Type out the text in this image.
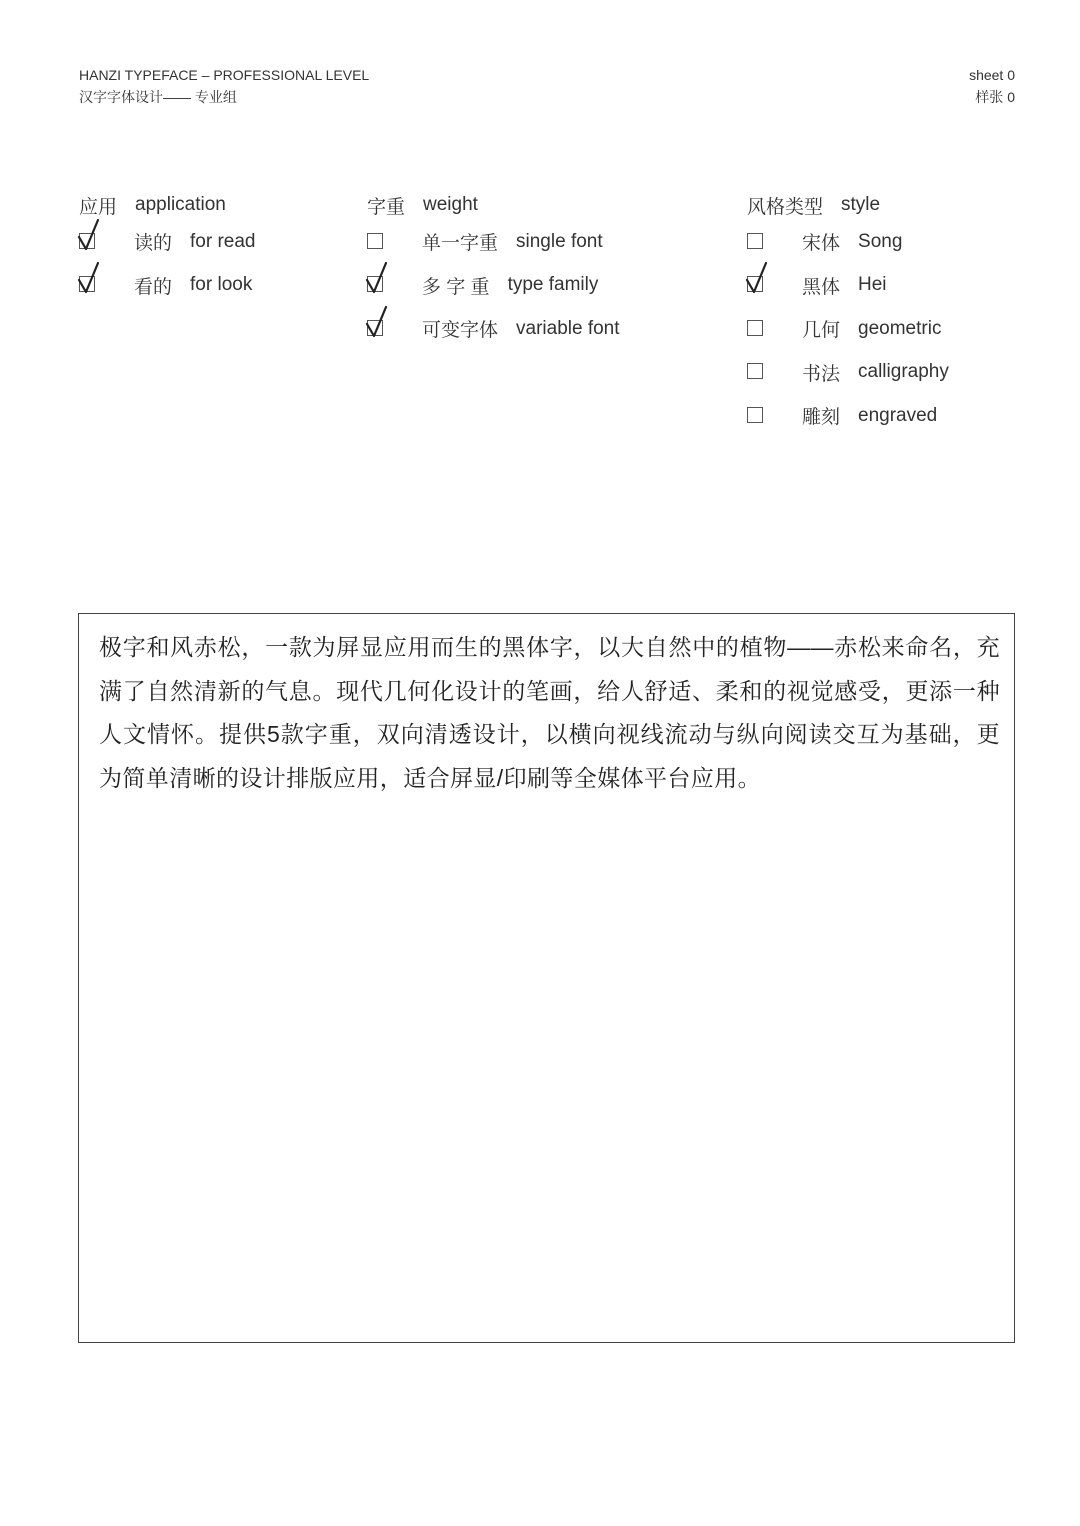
HANZI TYPEFACE – PROFESSIONAL LEVEL
汉字字体设计—— 专业组
sheet 0
样张 0
应用 application
读的 for read
看的 for look
字重 weight
单一字重 single font
多 字 重 type family
可变字体 variable font
风格类型 style
宋体 Song
黑体 Hei
几何 geometric
书法 calligraphy
雕刻 engraved

极字和风赤松，一款为屏显应用而生的黑体字，以大自然中的植物——赤松来命名，充满了自然清新的气息。现代几何化设计的笔画，给人舒适、柔和的视觉感受，更添一种人文情怀。提供5款字重，双向清透设计，以横向视线流动与纵向阅读交互为基础，更为简单清晰的设计排版应用，适合屏显/印刷等全媒体平台应用。
